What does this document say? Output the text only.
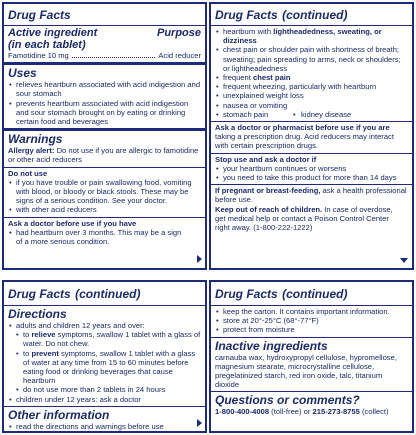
Drug Facts
Active ingredient	Purpose
(in each tablet)
Famotidine 10 mg	Acid reducer
Uses
• relieves heartburn associated with acid indigestion and sour stomach
• prevents heartburn associated with acid indigestion and sour stomach brought on by eating or drinking certain food and beverages
Warnings
Allergy alert: Do not use if you are allergic to famotidine or other acid reducers
Do not use
• if you have trouble or pain swallowing food, vomiting with blood, or bloody or black stools. These may be signs of a serious condition. See your doctor.
• with other acid reducers
Ask a doctor before use if you have
• had heartburn over 3 months. This may be a sign of a more serious condition.
Drug Facts (continued)
• heartburn with lightheadedness, sweating, or dizziness
• chest pain or shoulder pain with shortness of breath; sweating; pain spreading to arms, neck or shoulders; or lightheadedness
• frequent chest pain
• frequent wheezing, particularly with heartburn
• unexplained weight loss
• nausea or vomiting
• stomach pain	• kidney disease
Ask a doctor or pharmacist before use if you are taking a prescription drug. Acid reducers may interact with certain prescription drugs.
Stop use and ask a doctor if
• your heartburn continues or worsens
• you need to take this product for more than 14 days
If pregnant or breast-feeding, ask a health professional before use.
Keep out of reach of children. In case of overdose, get medical help or contact a Poison Control Center right away. (1-800-222-1222)
Drug Facts (continued)
Directions
• adults and children 12 years and over:
• to relieve symptoms, swallow 1 tablet with a glass of water. Do not chew.
• to prevent symptoms, swallow 1 tablet with a glass of water at any time from 15 to 60 minutes before eating food or drinking beverages that cause heartburn
• do not use more than 2 tablets in 24 hours
• children under 12 years: ask a doctor
Other information
• read the directions and warnings before use
Drug Facts (continued)
• keep the carton. It contains important information.
• store at 20°-25°C (68°-77°F)
• protect from moisture
Inactive ingredients
carnauba wax, hydroxypropyl cellulose, hypromellose, magnesium stearate, microcrystalline cellulose, pregelatinized starch, red iron oxide, talc, titanium dioxide
Questions or comments?
1-800-400-4008 (toll-free) or 215-273-8755 (collect)
